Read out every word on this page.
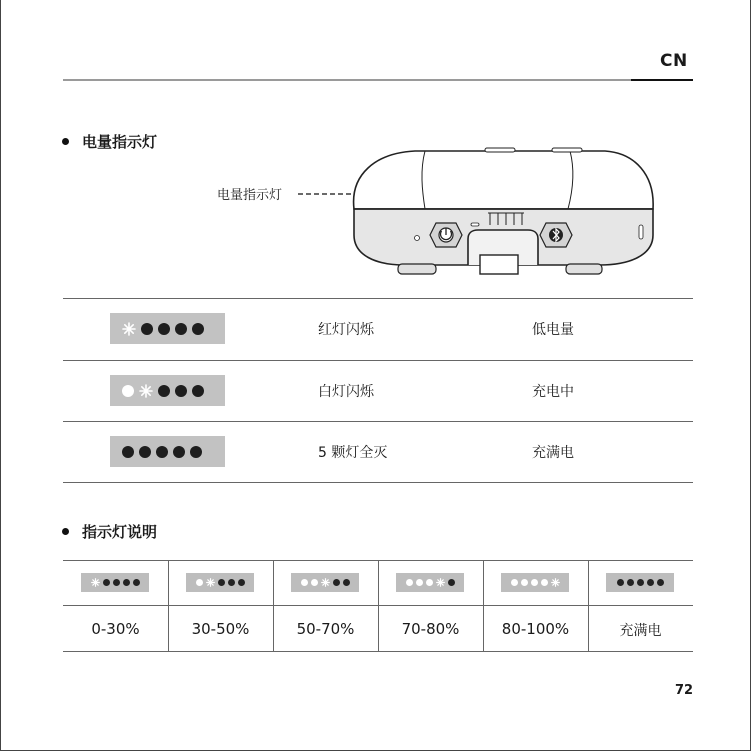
CN
电量指示灯
电量指示灯
红灯闪烁	低电量
白灯闪烁	充电中
5 颗灯全灭	充满电
指示灯说明
0-30%	30-50%	50-70%	70-80%	80-100%	充满电
72
